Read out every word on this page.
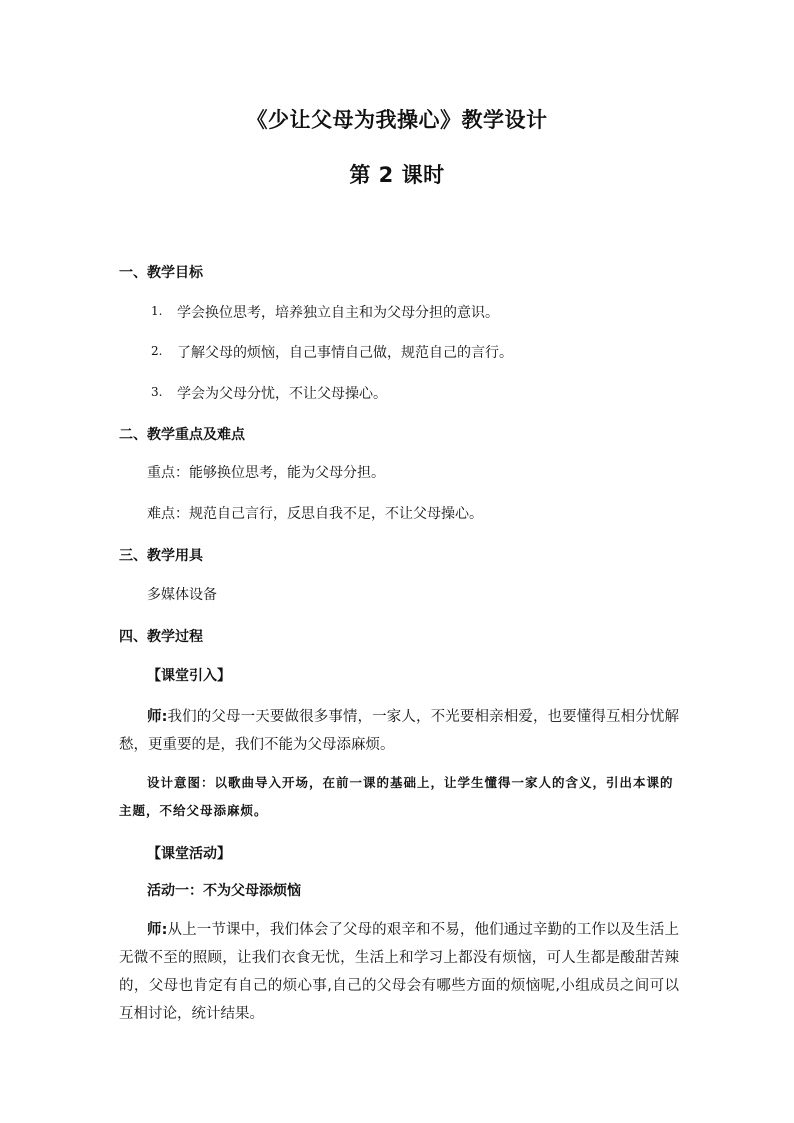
《少让父母为我操心》教学设计
第 2 课时
一、教学目标
1. 学会换位思考，培养独立自主和为父母分担的意识。
2. 了解父母的烦恼，自己事情自己做，规范自己的言行。
3. 学会为父母分忧，不让父母操心。
二、教学重点及难点
重点：能够换位思考，能为父母分担。
难点：规范自己言行，反思自我不足，不让父母操心。
三、教学用具
多媒体设备
四、教学过程
【课堂引入】
师:我们的父母一天要做很多事情，一家人，不光要相亲相爱，也要懂得互相分忧解愁，更重要的是，我们不能为父母添麻烦。
设计意图：以歌曲导入开场，在前一课的基础上，让学生懂得一家人的含义，引出本课的主题，不给父母添麻烦。
【课堂活动】
活动一：不为父母添烦恼
师:从上一节课中，我们体会了父母的艰辛和不易，他们通过辛勤的工作以及生活上无微不至的照顾，让我们衣食无忧，生活上和学习上都没有烦恼，可人生都是酸甜苦辣的，父母也肯定有自己的烦心事,自己的父母会有哪些方面的烦恼呢,小组成员之间可以互相讨论，统计结果。
